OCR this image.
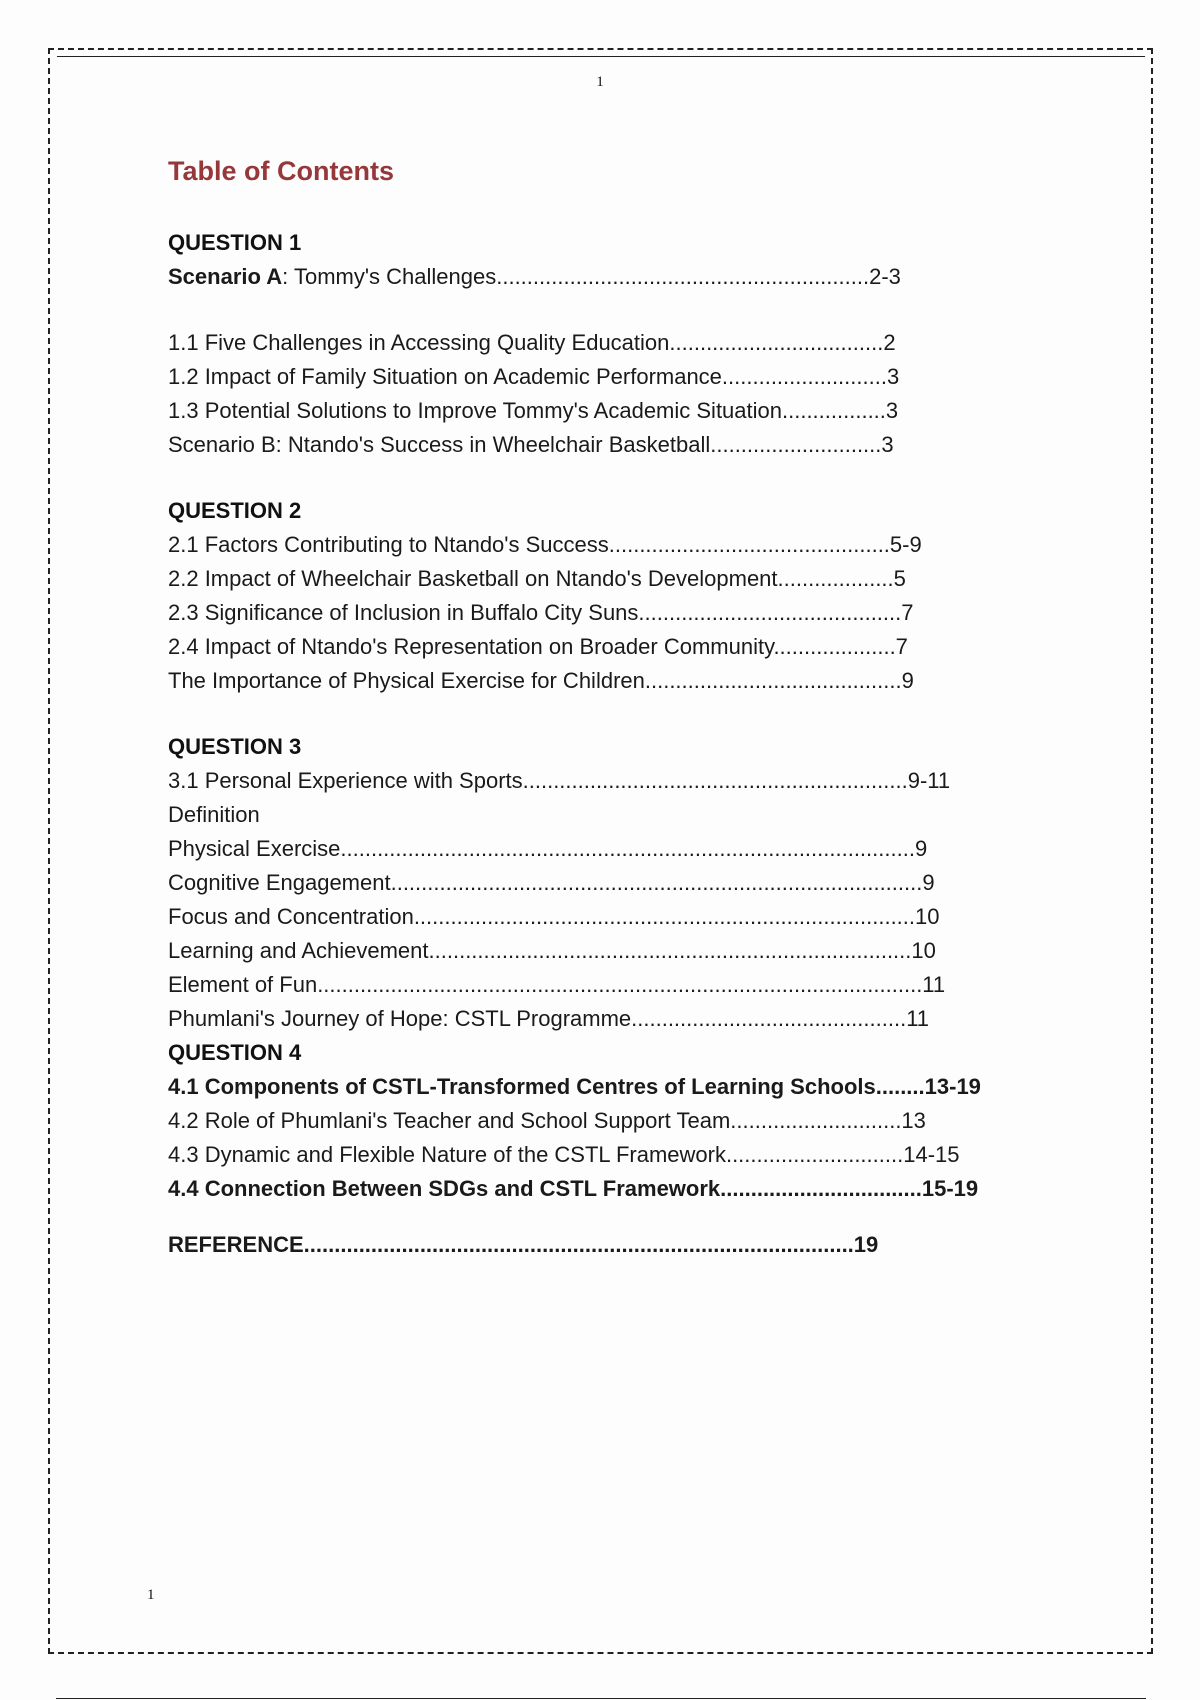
1
Table of Contents
QUESTION 1
Scenario A: Tommy's Challenges.............................................................2-3
1.1 Five Challenges in Accessing Quality Education...................................2
1.2 Impact of Family Situation on Academic Performance...........................3
1.3 Potential Solutions to Improve Tommy's Academic Situation.................3
Scenario B: Ntando's Success in Wheelchair Basketball............................3
QUESTION 2
2.1 Factors Contributing to Ntando's Success..............................................5-9
2.2 Impact of Wheelchair Basketball on Ntando's Development...................5
2.3 Significance of Inclusion in Buffalo City Suns...........................................7
2.4 Impact of Ntando's Representation on Broader Community....................7
The Importance of Physical Exercise for Children..........................................9
QUESTION 3
3.1 Personal Experience with Sports...............................................................9-11
Definition
Physical Exercise..............................................................................................9
Cognitive Engagement.......................................................................................9
Focus and Concentration..................................................................................10
Learning and Achievement...............................................................................10
Element of Fun...................................................................................................11
Phumlani's Journey of Hope: CSTL Programme.............................................11
QUESTION 4
4.1 Components of CSTL-Transformed Centres of Learning Schools........13-19
4.2 Role of Phumlani's Teacher and School Support Team............................13
4.3 Dynamic and Flexible Nature of the CSTL Framework.............................14-15
4.4 Connection Between SDGs and CSTL Framework.................................15-19
REFERENCE..........................................................................................19
1
